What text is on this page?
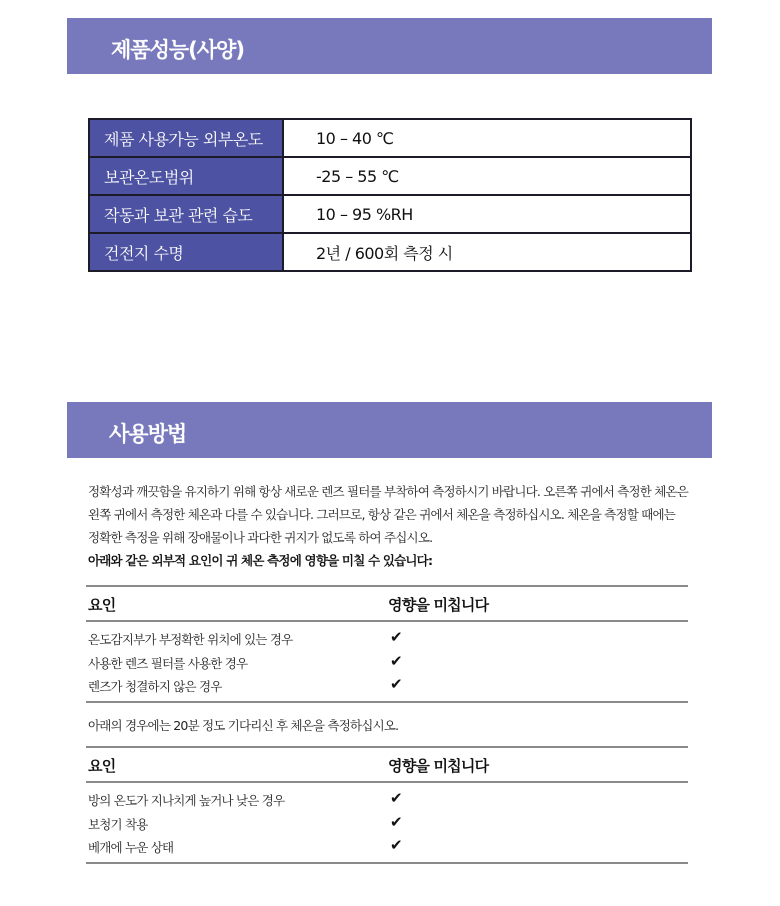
제품성능(사양)
제품 사용가능 외부온도	10 – 40 ℃
보관온도범위	-25 – 55 ℃
작동과 보관 관련 습도	10 – 95 %RH
건전지 수명	2년 / 600회 측정 시
사용방법
정확성과 깨끗함을 유지하기 위해 항상 새로운 렌즈 필터를 부착하여 측정하시기 바랍니다. 오른쪽 귀에서 측정한 체온은
왼쪽 귀에서 측정한 체온과 다를 수 있습니다. 그러므로, 항상 같은 귀에서 체온을 측정하십시오. 체온을 측정할 때에는
정확한 측정을 위해 장애물이나 과다한 귀지가 없도록 하여 주십시오.
아래와 같은 외부적 요인이 귀 체온 측정에 영향을 미칠 수 있습니다:
요인	영향을 미칩니다
온도감지부가 부정확한 위치에 있는 경우	✔
사용한 렌즈 필터를 사용한 경우	✔
렌즈가 청결하지 않은 경우	✔
아래의 경우에는 20분 정도 기다리신 후 체온을 측정하십시오.
요인	영향을 미칩니다
방의 온도가 지나치게 높거나 낮은 경우	✔
보청기 착용	✔
베개에 누운 상태	✔
